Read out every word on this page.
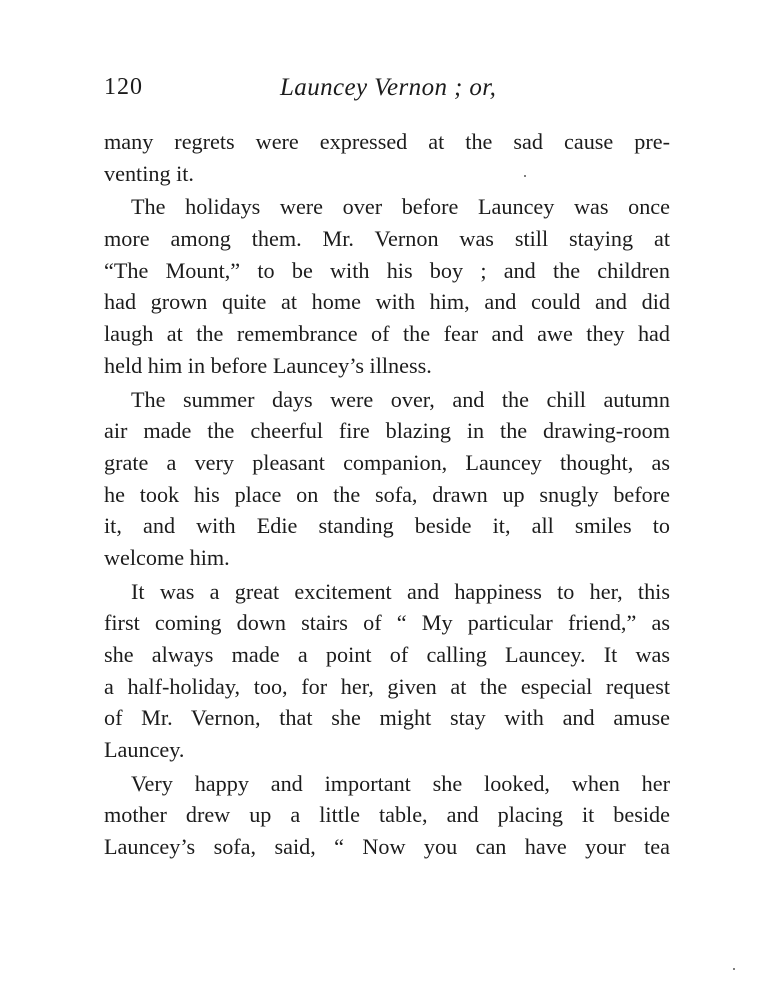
120	Launcey Vernon ; or,
many regrets were expressed at the sad cause pre-
venting it.
The holidays were over before Launcey was once
more among them. Mr. Vernon was still staying at
“The Mount,” to be with his boy ; and the children
had grown quite at home with him, and could and did
laugh at the remembrance of the fear and awe they had
held him in before Launcey’s illness.
The summer days were over, and the chill autumn
air made the cheerful fire blazing in the drawing-room
grate a very pleasant companion, Launcey thought, as
he took his place on the sofa, drawn up snugly before
it, and with Edie standing beside it, all smiles to
welcome him.
It was a great excitement and happiness to her, this
first coming down stairs of “ My particular friend,” as
she always made a point of calling Launcey. It was
a half-holiday, too, for her, given at the especial request
of Mr. Vernon, that she might stay with and amuse
Launcey.
Very happy and important she looked, when her
mother drew up a little table, and placing it beside
Launcey’s sofa, said, “ Now you can have your tea
